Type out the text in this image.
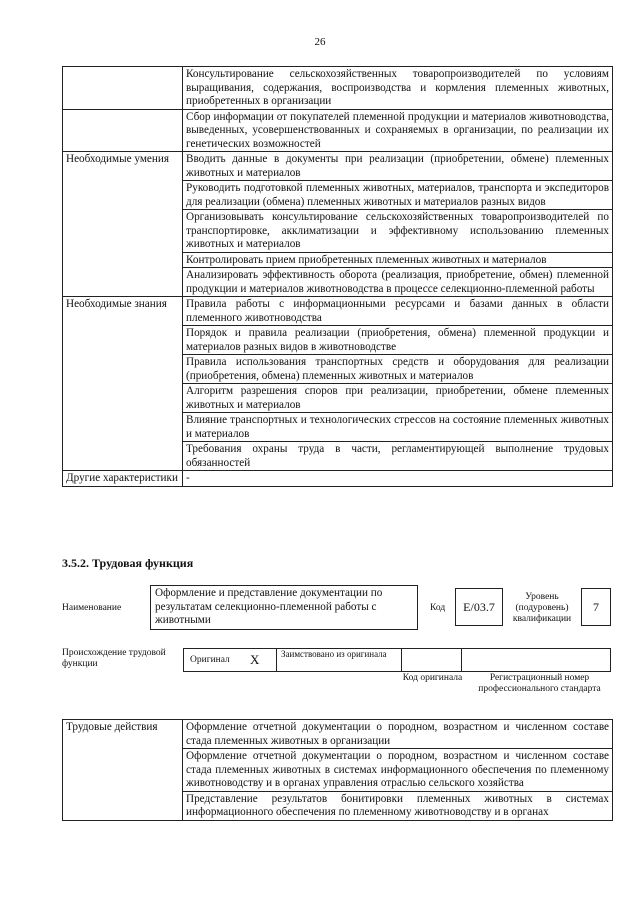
26
	Консультирование сельскохозяйственных товаропроизводителей по условиям выращивания, содержания, воспроизводства и кормления племенных животных, приобретенных в организации
	Сбор информации от покупателей племенной продукции и материалов животноводства, выведенных, усовершенствованных и сохраняемых в организации, по реализации их генетических возможностей
Необходимые умения	Вводить данные в документы при реализации (приобретении, обмене) племенных животных и материалов
	Руководить подготовкой племенных животных, материалов, транспорта и экспедиторов для реализации (обмена) племенных животных и материалов разных видов
	Организовывать консультирование сельскохозяйственных товаропроизводителей по транспортировке, акклиматизации и эффективному использованию племенных животных и материалов
	Контролировать прием приобретенных племенных животных и материалов
	Анализировать эффективность оборота (реализация, приобретение, обмен) племенной продукции и материалов животноводства в процессе селекционно-племенной работы
Необходимые знания	Правила работы с информационными ресурсами и базами данных в области племенного животноводства
	Порядок и правила реализации (приобретения, обмена) племенной продукции и материалов разных видов в животноводстве
	Правила использования транспортных средств и оборудования для реализации (приобретения, обмена) племенных животных и материалов
	Алгоритм разрешения споров при реализации, приобретении, обмене племенных животных и материалов
	Влияние транспортных и технологических стрессов на состояние племенных животных и материалов
	Требования охраны труда в части, регламентирующей выполнение трудовых обязанностей
Другие характеристики	-
3.5.2. Трудовая функция
Наименование
Оформление и представление документации по результатам селекционно-племенной работы с животными
Код	E/03.7
Уровень (подуровень) квалификации
7
Происхождение трудовой функции	Оригинал X Заимствовано из оригинала
Код оригинала	Регистрационный номер профессионального стандарта
Трудовые действия	Оформление отчетной документации о породном, возрастном и численном составе стада племенных животных в организации
Оформление отчетной документации о породном, возрастном и численном составе стада племенных животных в системах информационного обеспечения по племенному животноводству и в органах управления отраслью сельского хозяйства
Представление результатов бонитировки племенных животных в системах информационного обеспечения по племенному животноводству и в органах
